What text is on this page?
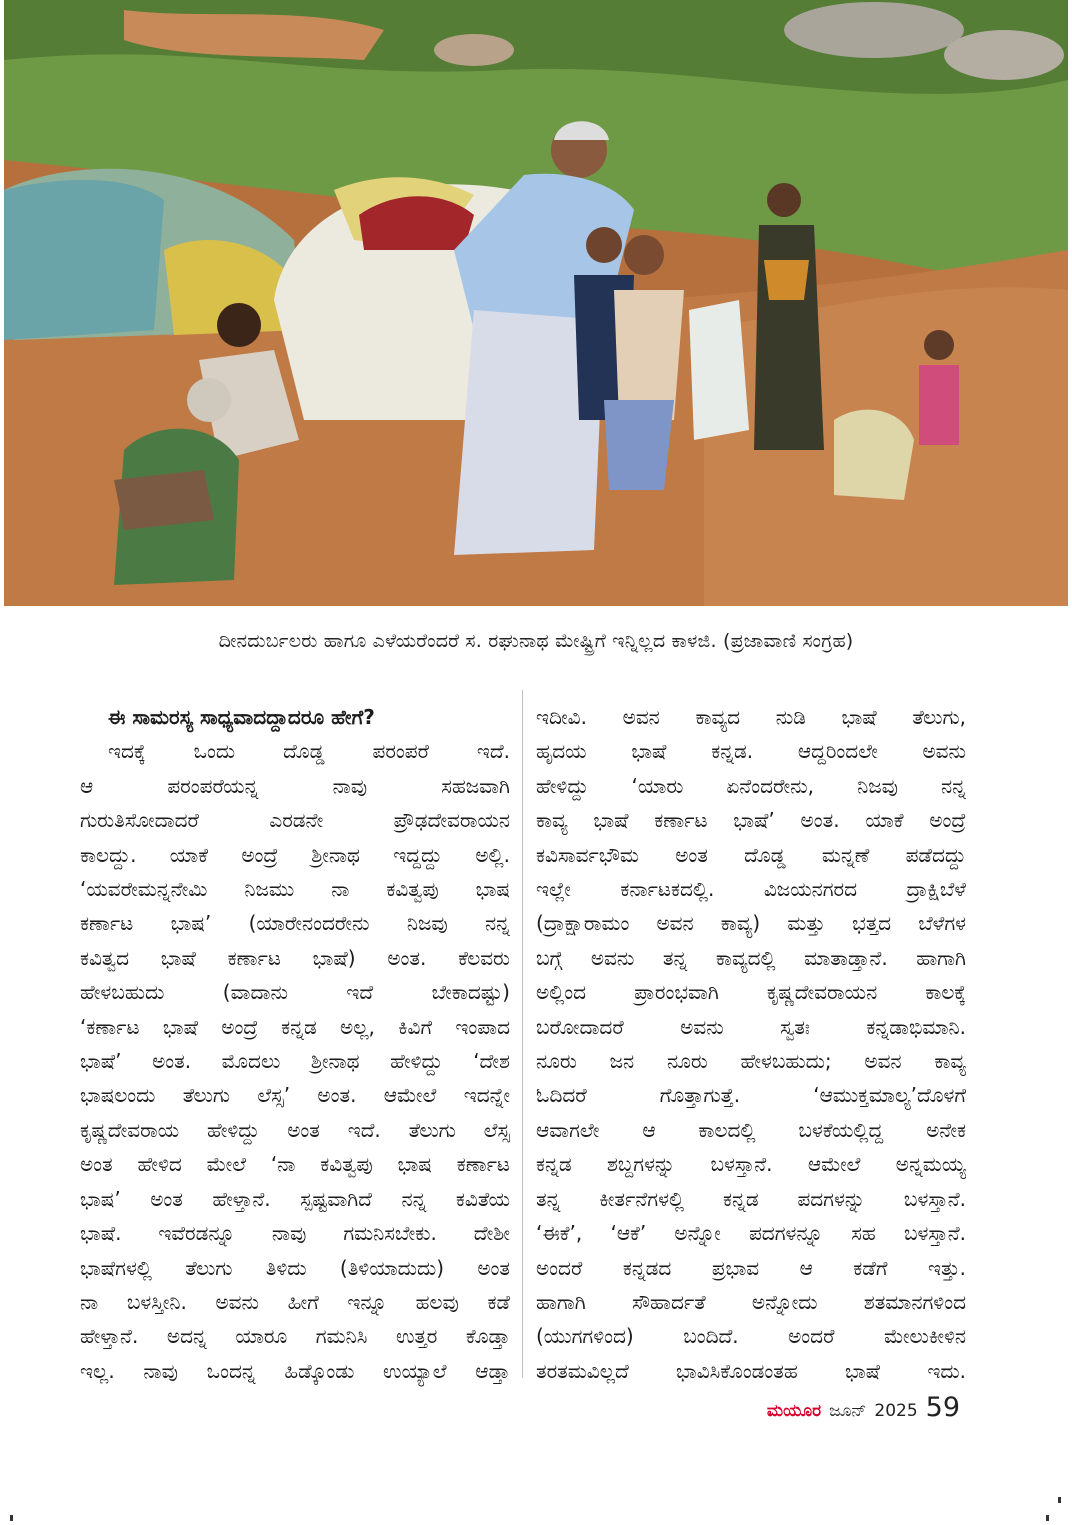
ದೀನದುರ್ಬಲರು ಹಾಗೂ ಎಳೆಯರೆಂದರೆ ಸ. ರಘುನಾಥ ಮೇಷ್ಟ್ರಿಗೆ ಇನ್ನಿಲ್ಲದ ಕಾಳಜಿ. (ಪ್ರಜಾವಾಣಿ ಸಂಗ್ರಹ)
ಈ ಸಾಮರಸ್ಯ ಸಾಧ್ಯವಾದದ್ದಾದರೂ ಹೇಗೆ?
ಇದಕ್ಕೆ ಒಂದು ದೊಡ್ಡ ಪರಂಪರೆ ಇದೆ.
ಆ ಪರಂಪರೆಯನ್ನ ನಾವು ಸಹಜವಾಗಿ
ಗುರುತಿಸೋದಾದರೆ ಎರಡನೇ ಪ್ರೌಢದೇವರಾಯನ
ಕಾಲದ್ದು. ಯಾಕೆ ಅಂದ್ರೆ ಶ್ರೀನಾಥ ಇದ್ದದ್ದು ಅಲ್ಲಿ.
‘ಯವರೇಮನ್ನನೇಮಿ ನಿಜಮು ನಾ ಕವಿತ್ವಪು ಭಾಷ
ಕರ್ಣಾಟ ಭಾಷ’ (ಯಾರೇನಂದರೇನು ನಿಜವು ನನ್ನ
ಕವಿತ್ವದ ಭಾಷೆ ಕರ್ಣಾಟ ಭಾಷೆ) ಅಂತ. ಕೆಲವರು
ಹೇಳಬಹುದು (ವಾದಾನು ಇದೆ ಬೇಕಾದಷ್ಟು)
‘ಕರ್ಣಾಟ ಭಾಷೆ ಅಂದ್ರೆ ಕನ್ನಡ ಅಲ್ಲ, ಕಿವಿಗೆ ಇಂಪಾದ
ಭಾಷೆ’ ಅಂತ. ಮೊದಲು ಶ್ರೀನಾಥ ಹೇಳಿದ್ದು ‘ದೇಶ
ಭಾಷಲಂದು ತೆಲುಗು ಲೆಸ್ಸ’ ಅಂತ. ಆಮೇಲೆ ಇದನ್ನೇ
ಕೃಷ್ಣದೇವರಾಯ ಹೇಳಿದ್ದು ಅಂತ ಇದೆ. ತೆಲುಗು ಲೆಸ್ಸ
ಅಂತ ಹೇಳಿದ ಮೇಲೆ ‘ನಾ ಕವಿತ್ವಪು ಭಾಷ ಕರ್ಣಾಟ
ಭಾಷ’ ಅಂತ ಹೇಳ್ತಾನೆ. ಸ್ಪಷ್ಟವಾಗಿದೆ ನನ್ನ ಕವಿತೆಯ
ಭಾಷೆ. ಇವೆರಡನ್ನೂ ನಾವು ಗಮನಿಸಬೇಕು. ದೇಶೀ
ಭಾಷೆಗಳಲ್ಲಿ ತೆಲುಗು ತಿಳಿದು (ತಿಳಿಯಾದುದು) ಅಂತ
ನಾ ಬಳಸ್ತೀನಿ. ಅವನು ಹೀಗೆ ಇನ್ನೂ ಹಲವು ಕಡೆ
ಹೇಳ್ತಾನೆ. ಅದನ್ನ ಯಾರೂ ಗಮನಿಸಿ ಉತ್ತರ ಕೊಡ್ತಾ
ಇಲ್ಲ. ನಾವು ಒಂದನ್ನ ಹಿಡ್ಕೊಂಡು ಉಯ್ಯಾಲೆ ಆಡ್ತಾ
ಇದೀವಿ. ಅವನ ಕಾವ್ಯದ ನುಡಿ ಭಾಷೆ ತೆಲುಗು,
ಹೃದಯ ಭಾಷೆ ಕನ್ನಡ. ಆದ್ದರಿಂದಲೇ ಅವನು
ಹೇಳಿದ್ದು ‘ಯಾರು ಏನೆಂದರೇನು, ನಿಜವು ನನ್ನ
ಕಾವ್ಯ ಭಾಷೆ ಕರ್ಣಾಟ ಭಾಷೆ’ ಅಂತ. ಯಾಕೆ ಅಂದ್ರೆ
ಕವಿಸಾರ್ವಭೌಮ ಅಂತ ದೊಡ್ಡ ಮನ್ನಣೆ ಪಡೆದದ್ದು
ಇಲ್ಲೇ ಕರ್ನಾಟಕದಲ್ಲಿ. ವಿಜಯನಗರದ ದ್ರಾಕ್ಷಿಬೆಳೆ
(ದ್ರಾಕ್ಷಾರಾಮಂ ಅವನ ಕಾವ್ಯ) ಮತ್ತು ಭತ್ತದ ಬೆಳೆಗಳ
ಬಗ್ಗೆ ಅವನು ತನ್ನ ಕಾವ್ಯದಲ್ಲಿ ಮಾತಾಡ್ತಾನೆ. ಹಾಗಾಗಿ
ಅಲ್ಲಿಂದ ಪ್ರಾರಂಭವಾಗಿ ಕೃಷ್ಣದೇವರಾಯನ ಕಾಲಕ್ಕೆ
ಬರೋದಾದರೆ ಅವನು ಸ್ವತಃ ಕನ್ನಡಾಭಿಮಾನಿ.
ನೂರು ಜನ ನೂರು ಹೇಳಬಹುದು; ಅವನ ಕಾವ್ಯ
ಓದಿದರೆ ಗೊತ್ತಾಗುತ್ತೆ. ‘ಆಮುಕ್ತಮಾಲ್ಯ’ದೊಳಗೆ
ಆವಾಗಲೇ ಆ ಕಾಲದಲ್ಲಿ ಬಳಕೆಯಲ್ಲಿದ್ದ ಅನೇಕ
ಕನ್ನಡ ಶಬ್ದಗಳನ್ನು ಬಳಸ್ತಾನೆ. ಆಮೇಲೆ ಅನ್ನಮಯ್ಯ
ತನ್ನ ಕೀರ್ತನೆಗಳಲ್ಲಿ ಕನ್ನಡ ಪದಗಳನ್ನು ಬಳಸ್ತಾನೆ.
‘ಈಕೆ’, ‘ಆಕೆ’ ಅನ್ನೋ ಪದಗಳನ್ನೂ ಸಹ ಬಳಸ್ತಾನೆ.
ಅಂದರೆ ಕನ್ನಡದ ಪ್ರಭಾವ ಆ ಕಡೆಗೆ ಇತ್ತು.
ಹಾಗಾಗಿ ಸೌಹಾರ್ದತೆ ಅನ್ನೋದು ಶತಮಾನಗಳಿಂದ
(ಯುಗಗಳಿಂದ) ಬಂದಿದೆ. ಅಂದರೆ ಮೇಲುಕೀಳಿನ
ತರತಮವಿಲ್ಲದೆ ಭಾವಿಸಿಕೊಂಡಂತಹ ಭಾಷೆ ಇದು.
ಮಯೂರ ಜೂನ್ 2025 59
